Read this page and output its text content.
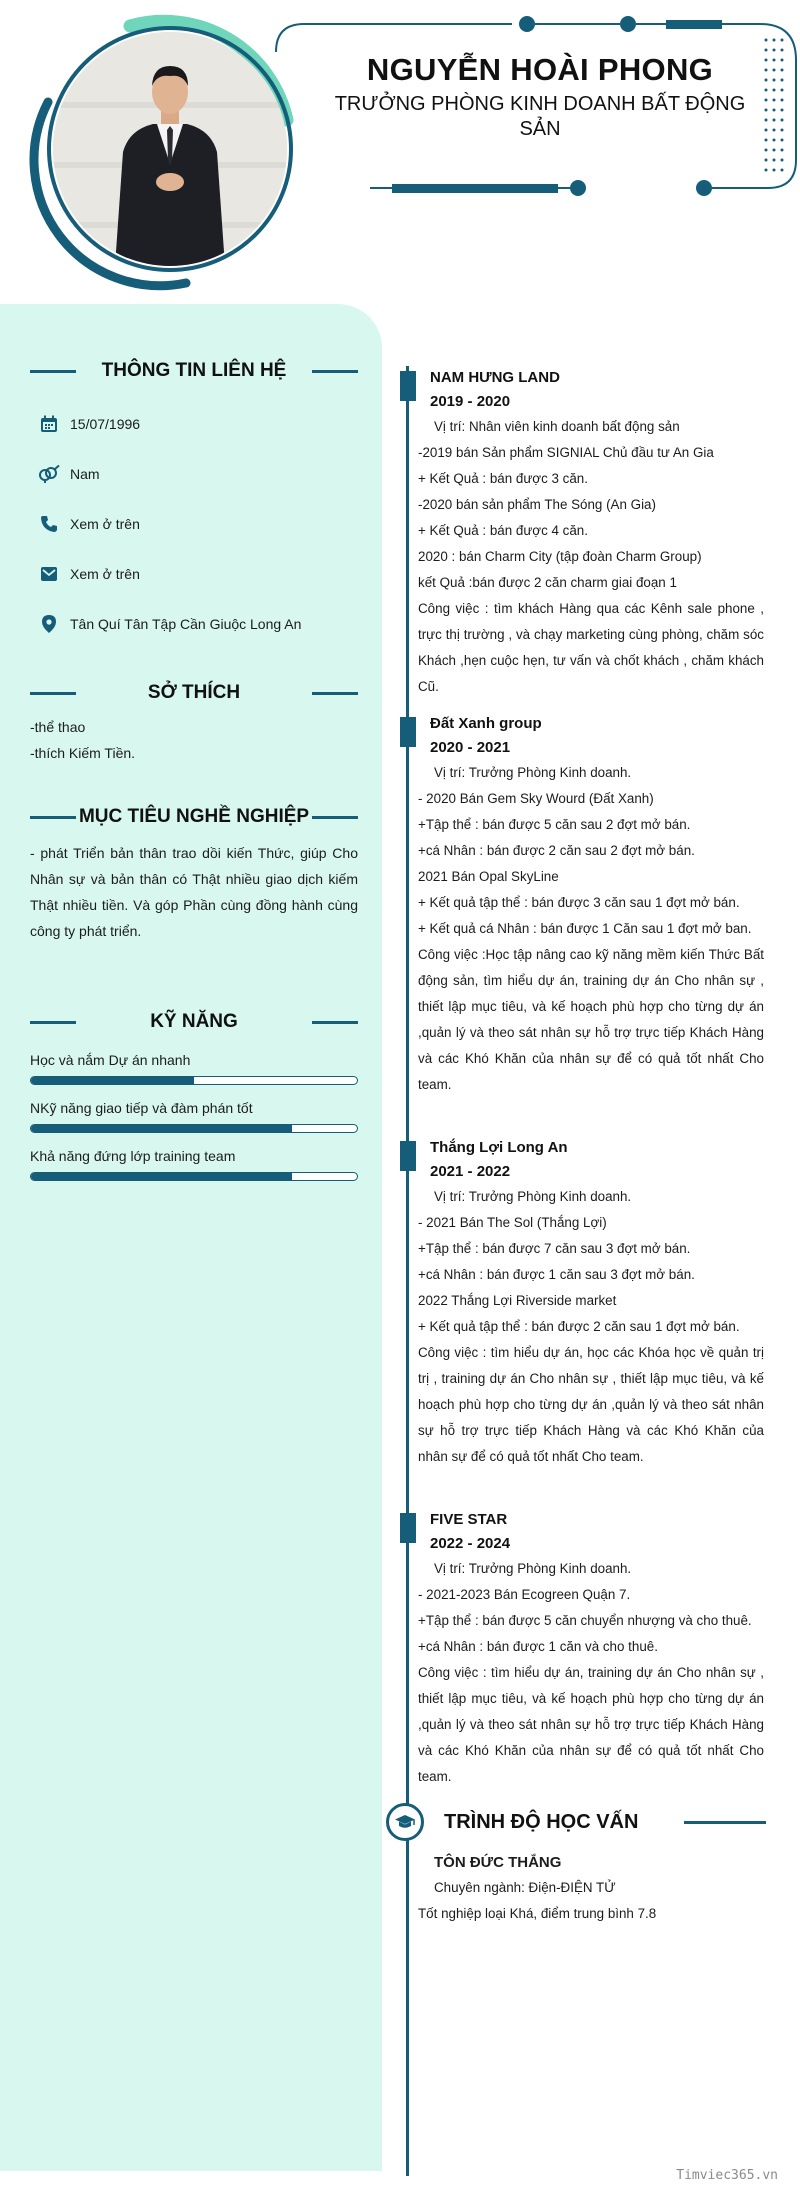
NGUYỄN HOÀI PHONG
TRƯỞNG PHÒNG KINH DOANH BẤT ĐỘNG SẢN
THÔNG TIN LIÊN HỆ
15/07/1996
Nam
Xem ở trên
Xem ở trên
Tân Quí Tân Tập Cần Giuộc Long An
SỞ THÍCH
-thể thao
-thích Kiếm Tiền.
MỤC TIÊU NGHỀ NGHIỆP
- phát Triển bản thân trao dồi kiến Thức, giúp Cho Nhân sự và bản thân có Thật nhiều giao dịch kiếm Thật nhiều tiền. Và góp Phần cùng đồng hành cùng công ty phát triển.
KỸ NĂNG
Học và nắm Dự án nhanh
NKỹ năng giao tiếp và đàm phán tốt
Khả năng đứng lớp training team
NAM HƯNG LAND
2019 - 2020
Vị trí: Nhân viên kinh doanh bất động sản
-2019 bán Sản phẩm SIGNIAL Chủ đầu tư An Gia
+ Kết Quả : bán được 3 căn.
-2020 bán sản phẩm The Sóng (An Gia)
+ Kết Quả : bán được 4 căn.
2020 : bán Charm City (tập đoàn Charm Group)
kết Quả :bán được 2 căn charm giai đoạn 1
Công việc : tìm khách Hàng qua các Kênh sale phone , trực thị trường , và chạy marketing cùng phòng, chăm sóc Khách ,hẹn cuộc hẹn, tư vấn và chốt khách , chăm khách Cũ.
Đất Xanh group
2020 - 2021
Vị trí: Trưởng Phòng Kinh doanh.
- 2020 Bán Gem Sky Wourd (Đất Xanh)
+Tập thể : bán được 5 căn sau 2 đợt mở bán.
+cá Nhân : bán được 2 căn sau 2 đợt mở bán.
2021 Bán Opal SkyLine
+ Kết quả tập thể : bán được 3 căn sau 1 đợt mở bán.
+ Kết quả cá Nhân : bán được 1 Căn sau 1 đợt mở ban.
Công việc :Học tập nâng cao kỹ năng mềm kiến Thức Bất động sản, tìm hiểu dự án, training dự án Cho nhân sự , thiết lập mục tiêu, và kế hoạch phù hợp cho từng dự án ,quản lý và theo sát nhân sự hỗ trợ trực tiếp Khách Hàng và các Khó Khăn của nhân sự để có quả tốt nhất Cho team.
Thắng Lợi Long An
2021 - 2022
Vị trí: Trưởng Phòng Kinh doanh.
- 2021 Bán The Sol (Thắng Lợi)
+Tập thể : bán được 7 căn sau 3 đợt mở bán.
+cá Nhân : bán được 1 căn sau 3 đợt mở bán.
2022 Thắng Lợi Riverside market
+ Kết quả tập thể : bán được 2 căn sau 1 đợt mở bán.
Công việc : tìm hiểu dự án, học các Khóa học về quản trị trị , training dự án Cho nhân sự , thiết lập mục tiêu, và kế hoạch phù hợp cho từng dự án ,quản lý và theo sát nhân sự hỗ trợ trực tiếp Khách Hàng và các Khó Khăn của nhân sự để có quả tốt nhất Cho team.
FIVE STAR
2022 - 2024
Vị trí: Trưởng Phòng Kinh doanh.
- 2021-2023 Bán Ecogreen Quận 7.
+Tập thể : bán được 5 căn chuyển nhượng và cho thuê.
+cá Nhân : bán được 1 căn và cho thuê.
Công việc : tìm hiểu dự án, training dự án Cho nhân sự , thiết lập mục tiêu, và kế hoạch phù hợp cho từng dự án ,quản lý và theo sát nhân sự hỗ trợ trực tiếp Khách Hàng và các Khó Khăn của nhân sự để có quả tốt nhất Cho team.
TRÌNH ĐỘ HỌC VẤN
TÔN ĐỨC THẮNG
Chuyên ngành: Điện-ĐIỆN TỬ
Tốt nghiệp loại Khá, điểm trung bình 7.8
Timviec365.vn
